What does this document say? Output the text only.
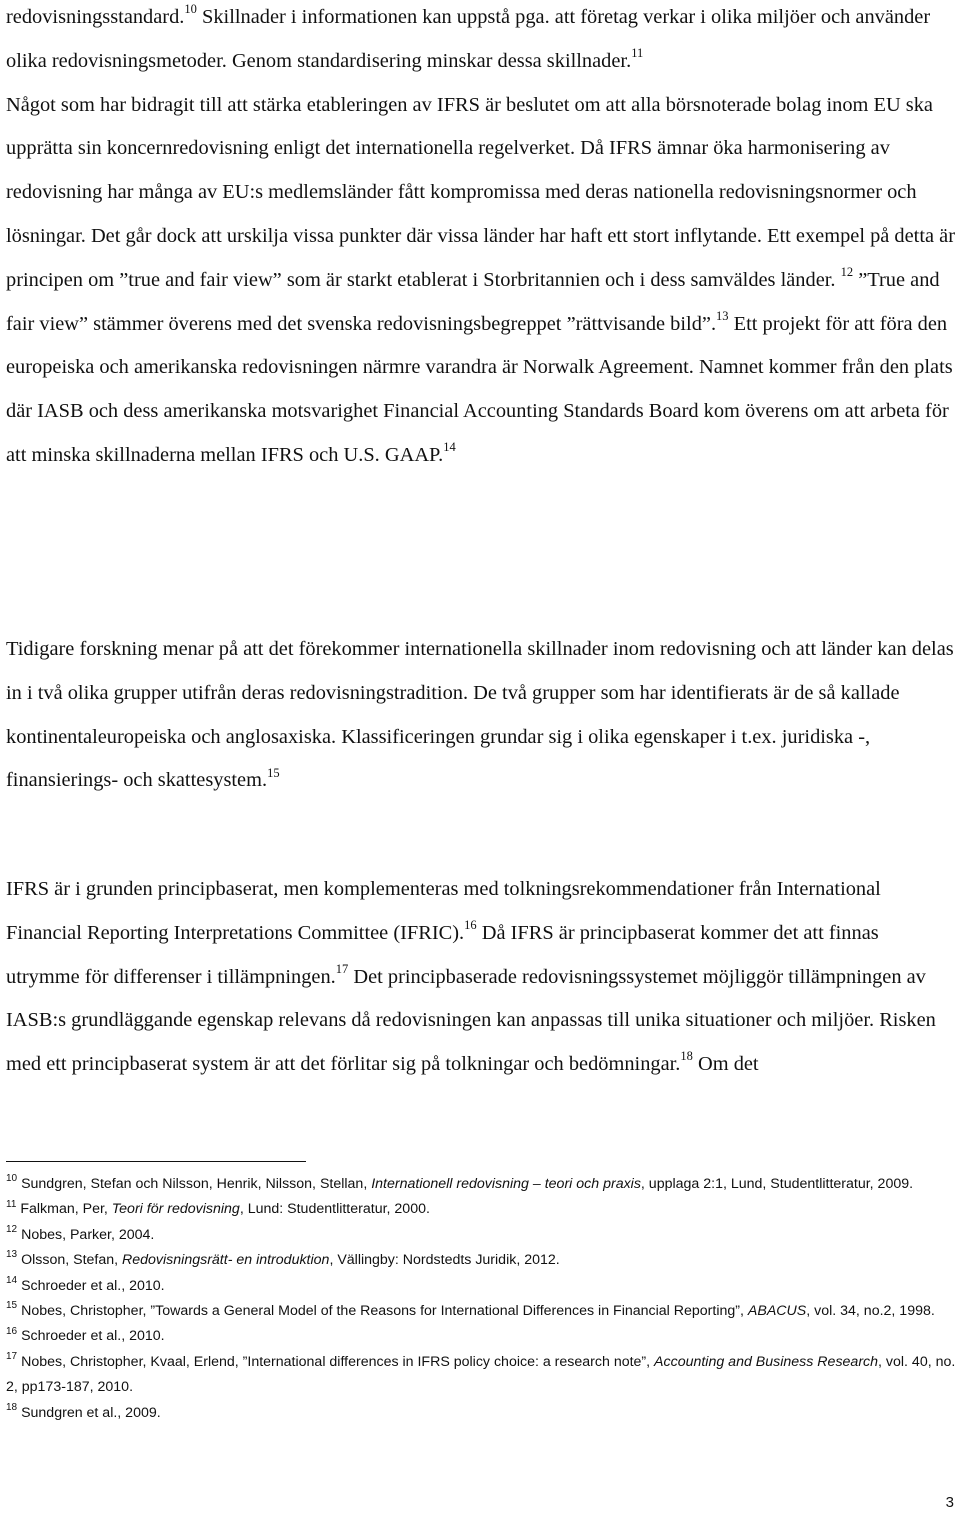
redovisningsstandard.$^{10}$ Skillnader i informationen kan uppstå pga. att företag verkar i olika miljöer och använder olika redovisningsmetoder. Genom standardisering minskar dessa skillnader.$^{11}$
Något som har bidragit till att stärka etableringen av IFRS är beslutet om att alla börsnoterade bolag inom EU ska upprätta sin koncernredovisning enligt det internationella regelverket. Då IFRS ämnar öka harmonisering av redovisning har många av EU:s medlemsländer fått kompromissa med deras nationella redovisningsnormer och lösningar. Det går dock att urskilja vissa punkter där vissa länder har haft ett stort inflytande. Ett exempel på detta är principen om ”true and fair view” som är starkt etablerat i Storbritannien och i dess samväldes länder. $^{12}$ ”True and fair view” stämmer överens med det svenska redovisningsbegreppet ”rättvisande bild”.$^{13}$ Ett projekt för att föra den europeiska och amerikanska redovisningen närmre varandra är Norwalk Agreement. Namnet kommer från den plats där IASB och dess amerikanska motsvarighet Financial Accounting Standards Board kom överens om att arbeta för att minska skillnaderna mellan IFRS och U.S. GAAP.$^{14}$

Tidigare forskning menar på att det förekommer internationella skillnader inom redovisning och att länder kan delas in i två olika grupper utifrån deras redovisningstradition. De två grupper som har identifierats är de så kallade kontinentaleuropeiska och anglosaxiska. Klassificeringen grundar sig i olika egenskaper i t.ex. juridiska -, finansierings- och skattesystem.$^{15}$

IFRS är i grunden principbaserat, men komplementeras med tolkningsrekommendationer från International Financial Reporting Interpretations Committee (IFRIC).$^{16}$ Då IFRS är principbaserat kommer det att finnas utrymme för differenser i tillämpningen.$^{17}$ Det principbaserade redovisningssystemet möjliggör tillämpningen av IASB:s grundläggande egenskap relevans då redovisningen kan anpassas till unika situationer och miljöer. Risken med ett principbaserat system är att det förlitar sig på tolkningar och bedömningar.$^{18}$ Om det

$^{10}$ Sundgren, Stefan och Nilsson, Henrik, Nilsson, Stellan, Internationell redovisning – teori och praxis, upplaga 2:1, Lund, Studentlitteratur, 2009.
$^{11}$ Falkman, Per, Teori för redovisning, Lund: Studentlitteratur, 2000.
$^{12}$ Nobes, Parker, 2004.
$^{13}$ Olsson, Stefan, Redovisningsrätt- en introduktion, Vällingby: Nordstedts Juridik, 2012.
$^{14}$ Schroeder et al., 2010.
$^{15}$ Nobes, Christopher, ”Towards a General Model of the Reasons for International Differences in Financial Reporting”, ABACUS, vol. 34, no.2, 1998.
$^{16}$ Schroeder et al., 2010.
$^{17}$ Nobes, Christopher, Kvaal, Erlend, ”International differences in IFRS policy choice: a research note”, Accounting and Business Research, vol. 40, no. 2, pp173-187, 2010.
$^{18}$ Sundgren et al., 2009.
3
